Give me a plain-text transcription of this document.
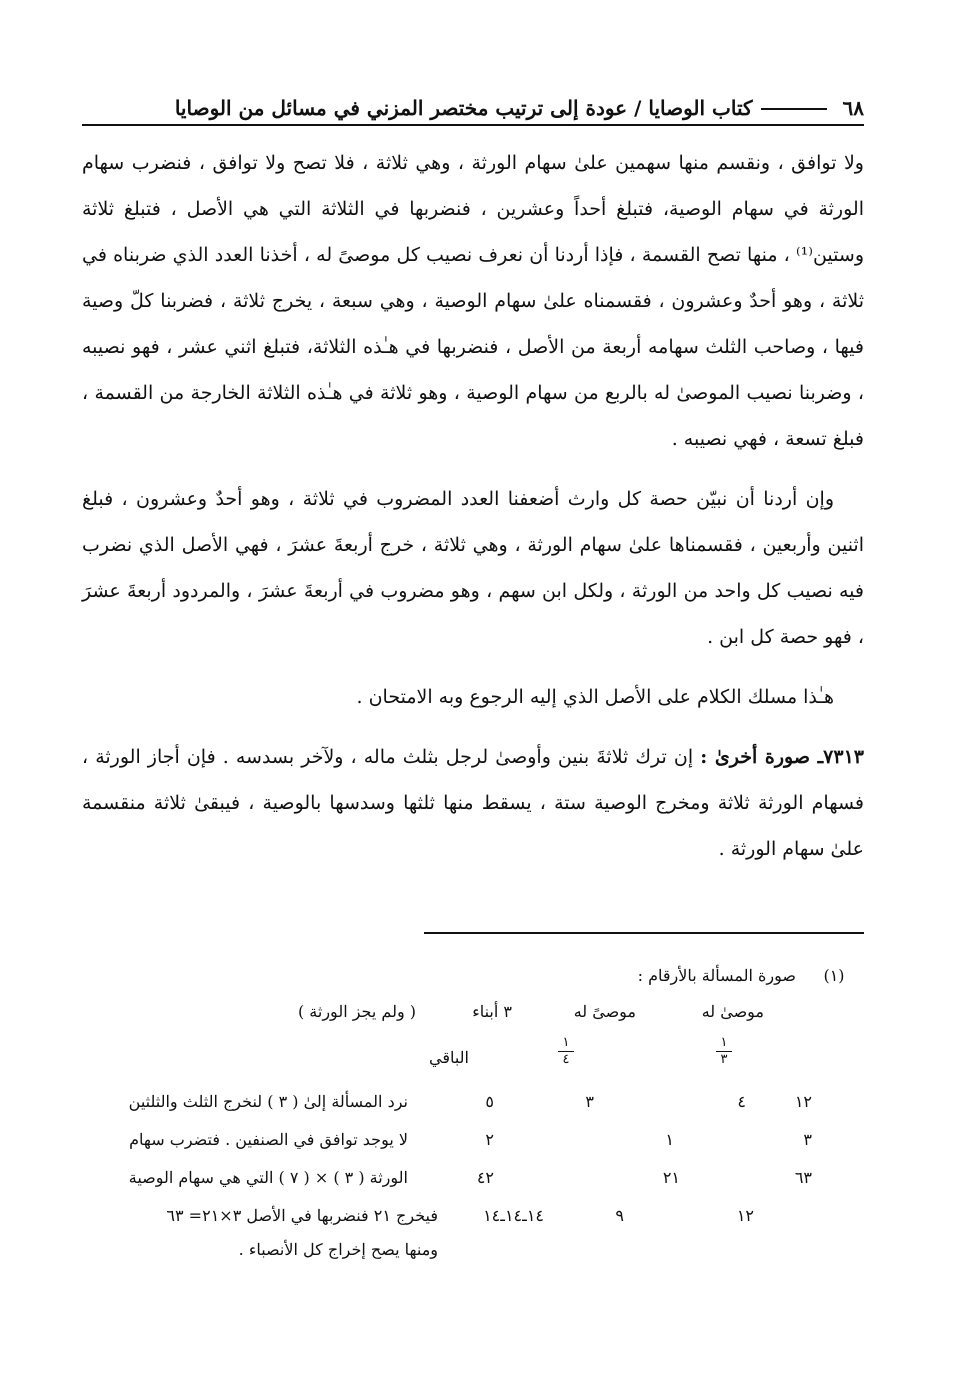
٦٨
كتاب الوصايا / عودة إلى ترتيب مختصر المزني في مسائل من الوصايا

ولا توافق ، ونقسم منها سهمين علىٰ سهام الورثة ، وهي ثلاثة ، فلا تصح ولا توافق ، فنضرب سهام الورثة في سهام الوصية، فتبلغ أحداً وعشرين ، فنضربها في الثلاثة التي هي الأصل ، فتبلغ ثلاثة وستين⁽¹⁾ ، منها تصح القسمة ، فإذا أردنا أن نعرف نصيب كل موصىً له ، أخذنا العدد الذي ضربناه في ثلاثة ، وهو أحدٌ وعشرون ، فقسمناه علىٰ سهام الوصية ، وهي سبعة ، يخرج ثلاثة ، فضربنا كلّ وصية فيها ، وصاحب الثلث سهامه أربعة من الأصل ، فنضربها في هـٰذه الثلاثة، فتبلغ اثني عشر ، فهو نصيبه ، وضربنا نصيب الموصىٰ له بالربع من سهام الوصية ، وهو ثلاثة في هـٰذه الثلاثة الخارجة من القسمة ، فبلغ تسعة ، فهي نصيبه .

وإن أردنا أن نبيّن حصة كل وارث أضعفنا العدد المضروب في ثلاثة ، وهو أحدٌ وعشرون ، فبلغ اثنين وأربعين ، فقسمناها علىٰ سهام الورثة ، وهي ثلاثة ، خرج أربعةَ عشرَ ، فهي الأصل الذي نضرب فيه نصيب كل واحد من الورثة ، ولكل ابن سهم ، وهو مضروب في أربعةَ عشرَ ، والمردود أربعةَ عشرَ ، فهو حصة كل ابن .

هـٰذا مسلك الكلام على الأصل الذي إليه الرجوع وبه الامتحان .

٧٣١٣ـ صورة أخرىٰ : إن ترك ثلاثةَ بنين وأوصىٰ لرجل بثلث ماله ، ولآخر بسدسه . فإن أجاز الورثة ، فسهام الورثة ثلاثة ومخرج الوصية ستة ، يسقط منها ثلثها وسدسها بالوصية ، فيبقىٰ ثلاثة منقسمة علىٰ سهام الورثة .

(١)
صورة المسألة بالأرقام :
موصىٰ له
موصىً له
٣ أبناء
( ولم يجز الورثة )
١
٣
١
٤
الباقي
١٢
٤
٣
٥
نرد المسألة إلىٰ ( ٣ ) لنخرج الثلث والثلثين
٣
١
٢
لا يوجد توافق في الصنفين . فتضرب سهام
٦٣
٢١
٤٢
الورثة ( ٣ ) × ( ٧ ) التي هي سهام الوصية
١٢
٩
١٤ـ١٤ـ١٤
فيخرج ٢١ فنضربها في الأصل ٣×٢١= ٦٣
ومنها يصح إخراج كل الأنصباء .
